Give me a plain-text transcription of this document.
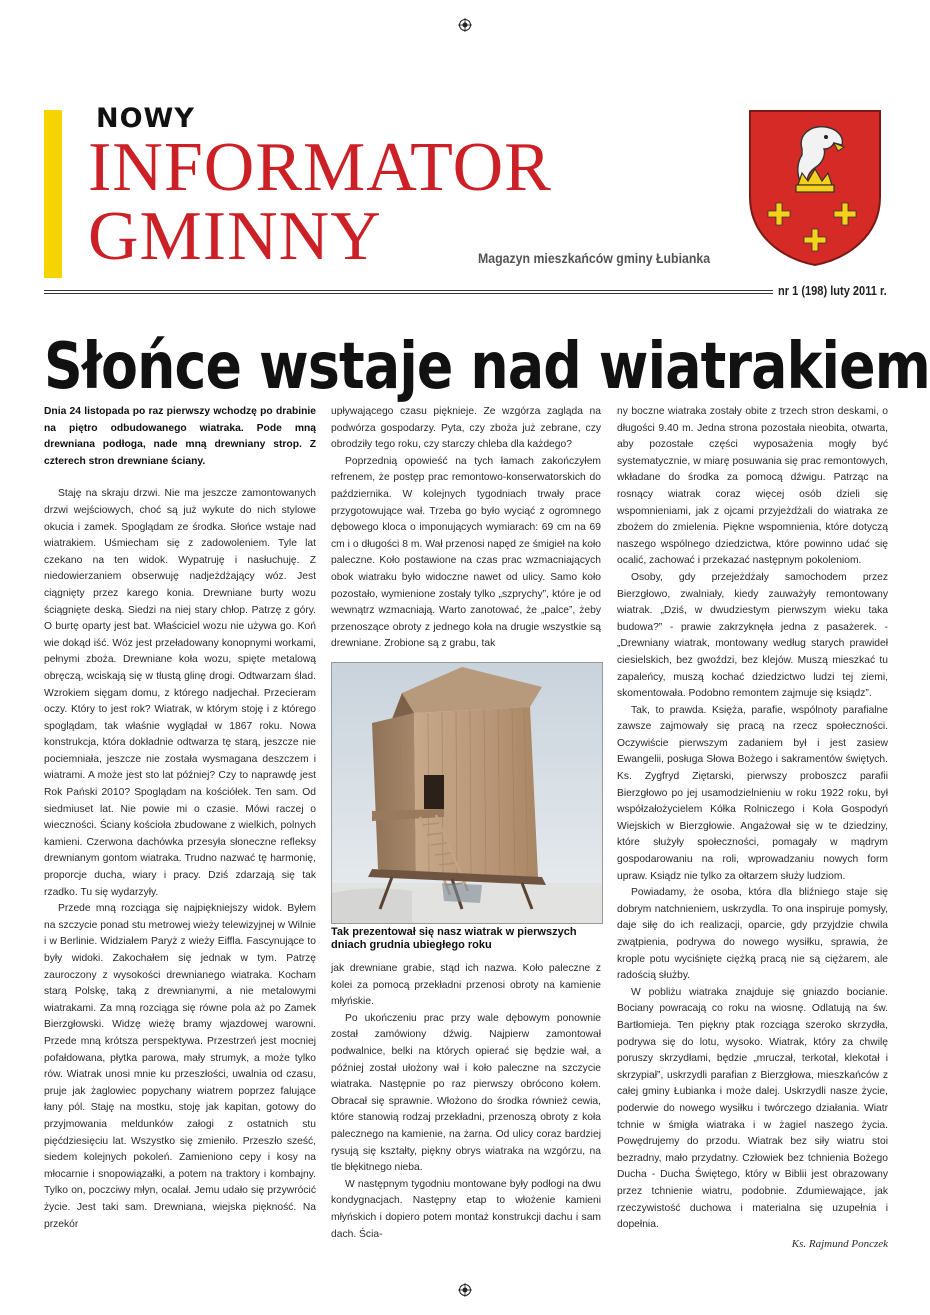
NOWY
INFORMATOR
GMINNY	Magazyn mieszkańców gminy Łubianka
nr 1 (198) luty 2011 r.
Słońce wstaje nad wiatrakiem

Dnia 24 listopada po raz pierwszy wchodzę po drabinie na piętro odbudowanego wiatraka. Pode mną drewniana podłoga, nade mną drewniany strop. Z czterech stron drewniane ściany.

Staję na skraju drzwi. Nie ma jeszcze zamontowanych drzwi wejściowych, choć są już wykute do nich stylowe okucia i zamek. Spoglądam ze środka. Słońce wstaje nad wiatrakiem. Uśmiecham się z zadowoleniem. Tyle lat czekano na ten widok. Wypatruję i nasłuchuję. Z niedowierzaniem obserwuję nadjeżdżający wóz. Jest ciągnięty przez karego konia. Drewniane burty wozu ściągnięte deską. Siedzi na niej stary chłop. Patrzę z góry. O burtę oparty jest bat. Właściciel wozu nie używa go. Koń wie dokąd iść. Wóz jest przeładowany konopnymi workami, pełnymi zboża. Drewniane koła wozu, spięte metalową obręczą, wciskają się w tłustą glinę drogi. Odtwarzam ślad. Wzrokiem sięgam domu, z którego nadjechał. Przecieram oczy. Który to jest rok? Wiatrak, w którym stoję i z którego spoglądam, tak właśnie wyglądał w 1867 roku. Nowa konstrukcja, która dokładnie odtwarza tę starą, jeszcze nie pociemniała, jeszcze nie została wysmagana deszczem i wiatrami. A może jest sto lat później? Czy to naprawdę jest Rok Pański 2010? Spoglądam na kościółek. Ten sam. Od siedmiuset lat. Nie powie mi o czasie. Mówi raczej o wieczności. Ściany kościoła zbudowane z wielkich, polnych kamieni. Czerwona dachówka przesyła słoneczne refleksy drewnianym gontom wiatraka. Trudno nazwać tę harmonię, proporcje ducha, wiary i pracy. Dziś zdarzają się tak rzadko. Tu się wydarzyły.

Przede mną rozciąga się najpiękniejszy widok. Byłem na szczycie ponad stu metrowej wieży telewizyjnej w Wilnie i w Berlinie. Widziałem Paryż z wieży Eiffla. Fascynujące to były widoki. Zakochałem się jednak w tym. Patrzę zauroczony z wysokości drewnianego wiatraka. Kocham starą Polskę, taką z drewnianymi, a nie metalowymi wiatrakami. Za mną rozciąga się równe pola aż po Zamek Bierzgłowski. Widzę wieżę bramy wjazdowej warowni. Przede mną krótsza perspektywa. Przestrzeń jest mocniej pofałdowana, płytka parowa, mały strumyk, a może tylko rów. Wiatrak unosi mnie ku przeszłości, uwalnia od czasu, pruje jak żaglowiec popychany wiatrem poprzez falujące łany pól. Staję na mostku, stoję jak kapitan, gotowy do przyjmowania meldunków załogi z ostatnich stu pięćdziesięciu lat. Wszystko się zmieniło. Przeszło sześć, siedem kolejnych pokoleń. Zamieniono cepy i kosy na młocarnie i snopowiązałki, a potem na traktory i kombajny. Tylko on, poczciwy młyn, ocalał. Jemu udało się przywrócić życie. Jest taki sam. Drewniana, wiejska piękność. Na przekór

upływającego czasu pięknieje. Ze wzgórza zagląda na podwórza gospodarzy. Pyta, czy zboża już zebrane, czy obrodziły tego roku, czy starczy chleba dla każdego?

Poprzednią opowieść na tych łamach zakończyłem refrenem, że postęp prac remontowo-konserwatorskich do października. W kolejnych tygodniach trwały prace przygotowujące wał. Trzeba go było wyciąć z ogromnego dębowego kloca o imponujących wymiarach: 69 cm na 69 cm i o długości 8 m. Wał przenosi napęd ze śmigieł na koło paleczne. Koło postawione na czas prac wzmacniających obok wiatraku było widoczne nawet od ulicy. Samo koło pozostało, wymienione zostały tylko „szprychy”, które je od wewnątrz wzmacniają. Warto zanotować, że „palce”, żeby przenoszące obroty z jednego koła na drugie wszystkie są drewniane. Zrobione są z grabu, tak

Tak prezentował się nasz wiatrak w pierwszych dniach grudnia ubiegłego roku

jak drewniane grabie, stąd ich nazwa. Koło paleczne z kolei za pomocą przekładni przenosi obroty na kamienie młyńskie.

Po ukończeniu prac przy wale dębowym ponownie został zamówiony dźwig. Najpierw zamontował podwalnice, belki na których opierać się będzie wał, a później został ułożony wał i koło paleczne na szczycie wiatraka. Następnie po raz pierwszy obrócono kołem. Obracał się sprawnie. Włożono do środka również cewia, które stanowią rodzaj przekładni, przenoszą obroty z koła palecznego na kamienie, na żarna. Od ulicy coraz bardziej rysują się kształty, piękny obrys wiatraka na wzgórzu, na tle błękitnego nieba.

W następnym tygodniu montowane były podłogi na dwu kondygnacjach. Następny etap to włożenie kamieni młyńskich i dopiero potem montaż konstrukcji dachu i sam dach. Ścia-

ny boczne wiatraka zostały obite z trzech stron deskami, o długości 9.40 m. Jedna strona pozostała nieobita, otwarta, aby pozostałe części wyposażenia mogły być systematycznie, w miarę posuwania się prac remontowych, wkładane do środka za pomocą dźwigu. Patrząc na rosnący wiatrak coraz więcej osób dzieli się wspomnieniami, jak z ojcami przyjeżdżali do wiatraka ze zbożem do zmielenia. Piękne wspomnienia, które dotyczą naszego wspólnego dziedzictwa, które powinno udać się ocalić, zachować i przekazać następnym pokoleniom.

Osoby, gdy przejeżdżały samochodem przez Bierzgłowo, zwalniały, kiedy zauważyły remontowany wiatrak. „Dziś, w dwudziestym pierwszym wieku taka budowa?” - prawie zakrzyknęła jedna z pasażerek. - „Drewniany wiatrak, montowany według starych prawideł ciesielskich, bez gwoździ, bez klejów. Muszą mieszkać tu zapaleńcy, muszą kochać dziedzictwo ludzi tej ziemi, skomentowała. Podobno remontem zajmuje się ksiądz”.

Tak, to prawda. Księża, parafie, wspólnoty parafialne zawsze zajmowały się pracą na rzecz społeczności. Oczywiście pierwszym zadaniem był i jest zasiew Ewangelii, posługa Słowa Bożego i sakramentów świętych. Ks. Zygfryd Ziętarski, pierwszy proboszcz parafii Bierzgłowo po jej usamodzielnieniu w roku 1922 roku, był współzałożycielem Kółka Rolniczego i Koła Gospodyń Wiejskich w Bierzgłowie. Angażował się w te dziedziny, które służyły społeczności, pomagały w mądrym gospodarowaniu na roli, wprowadzaniu nowych form upraw. Ksiądz nie tylko za ołtarzem służy ludziom.

Powiadamy, że osoba, która dla bliźniego staje się dobrym natchnieniem, uskrzydla. To ona inspiruje pomysły, daje siłę do ich realizacji, oparcie, gdy przyjdzie chwila zwątpienia, podrywa do nowego wysiłku, sprawia, że krople potu wyciśnięte ciężką pracą nie są ciężarem, ale radością służby.

W pobliżu wiatraka znajduje się gniazdo bocianie. Bociany powracają co roku na wiosnę. Odlatują na św. Bartłomieja. Ten piękny ptak rozciąga szeroko skrzydła, podrywa się do lotu, wysoko. Wiatrak, który za chwilę poruszy skrzydłami, będzie „mruczał, terkotał, klekotał i skrzypiał”, uskrzydli parafian z Bierzgłowa, mieszkańców z całej gminy Łubianka i może dalej. Uskrzydli nasze życie, poderwie do nowego wysiłku i twórczego działania. Wiatr tchnie w śmigła wiatraka i w żagiel naszego życia. Powędrujemy do przodu. Wiatrak bez siły wiatru stoi bezradny, mało przydatny. Człowiek bez tchnienia Bożego Ducha - Ducha Świętego, który w Biblii jest obrazowany przez tchnienie wiatru, podobnie. Zdumiewające, jak rzeczywistość duchowa i materialna się uzupełnia i dopełnia.

Ks. Rajmund Ponczek
